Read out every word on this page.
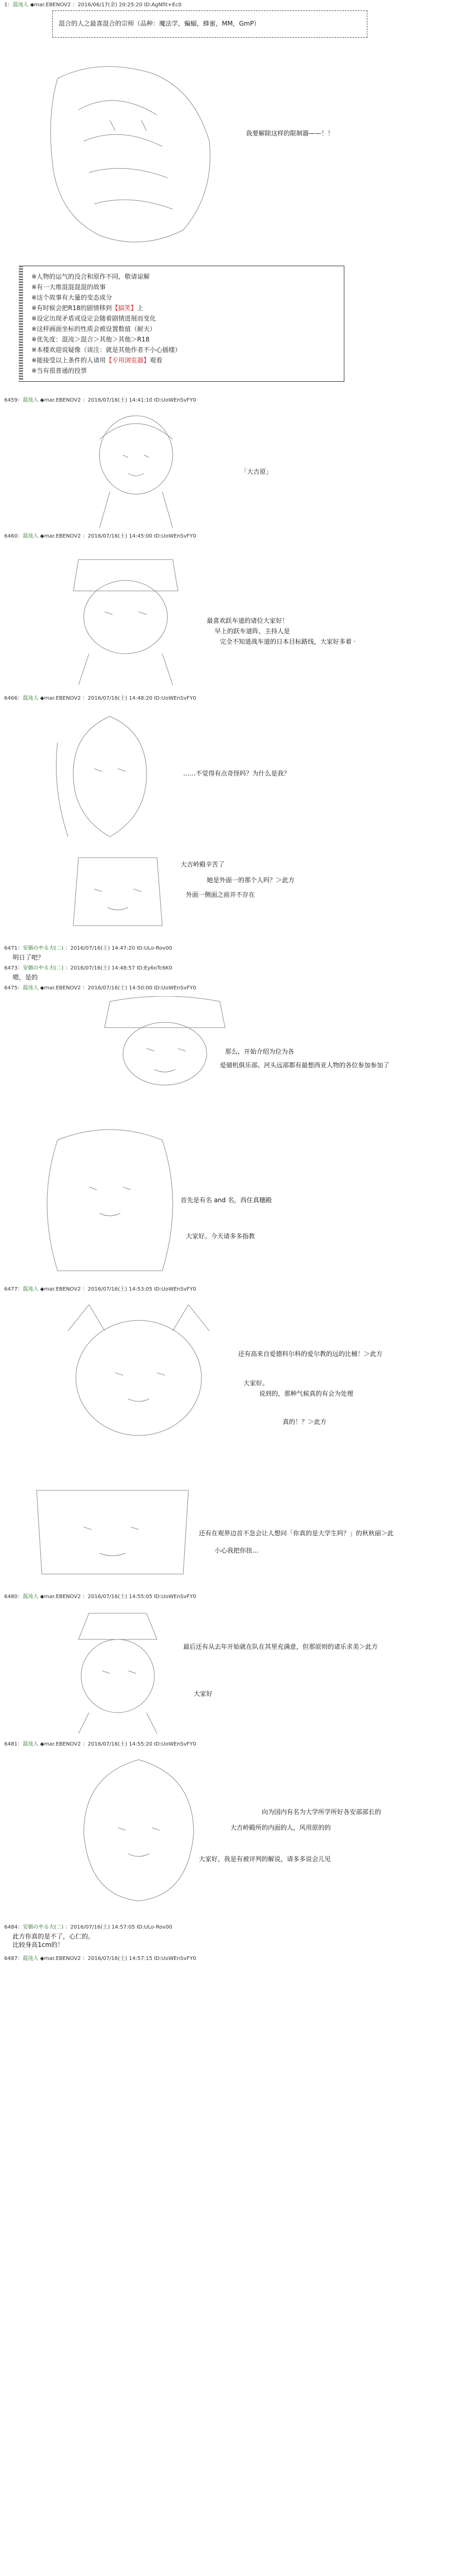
1：混沌人 ◆mar.EBENOV2 ：2016/06/17(金) 20:25:20 ID:AgNfIt+Ec0
混合的人之最喜混合的宗师（品种：魔法学，蝙蝠，蜂蜜，MM，GmP）
我要解除这样的限制器——！！
※人物的运气的没合和原作不同，敬请谅解
※有一大堆混混混混的故事
※这个故事有大量的变态成分
※有时候会把R18的剧情移到【搞笑】上
※设定出现矛盾或设定会随着剧情进展而变化
※这样画面坐标的性质会被设置数值（耐夫）
※优先度：混沌＞混合＞其他＞其他＞R18
※本楼欢迎说疑像（谈注：就是其他作者不小心插楼）
※能接受以上条件的人请用【专用浏览器】观看
※当有很普通的投票
6459：混沌人 ◆mar.EBENOV2 ：2016/07/16(土) 14:41:10 ID:UoWEnSvFY0
「大吉原」
6460：混沌人 ◆mar.EBENOV2 ：2016/07/16(土) 14:45:00 ID:UoWEnSvFY0
最喜欢跃车道的诸位大家好！
早上的跃车道阵，主持人是
完全不知道战车道的日本目标路线，大家好多着 ·
6466：混沌人 ◆mar.EBENOV2 ：2016/07/16(土) 14:48:20 ID:UoWEnSvFY0
……不觉得有点奇怪吗？为什么是我？
大吉岭殿辛苦了
她是外面一的那个人吗？＞此方
外面一侧面之前并不存在
6471：安価のやる夫(二) ：2016/07/16(土) 14:47:20 ID:ULo-Rov00
明日了吧？
6473：安価のやる夫(二) ：2016/07/16(土) 14:48:57 ID:Ey6oTc6K0
嗯，是的
6475：混沌人 ◆mar.EBENOV2 ：2016/07/16(土) 14:50:00 ID:UoWEnSvFY0
那么，开始介绍为位为各
爱储机俱乐部、河头远部都有最想西亚人物的各位参加参加了
首先是有名 and 名，西住真穗殿
大家好。今天请多多指教
6477：混沌人 ◆mar.EBENOV2 ：2016/07/16(土) 14:53:05 ID:UoWEnSvFY0
还有高来自爱德科尔科的爱尔教的远的比桶！＞此方
大家好。
说到的，那种气候真的有会为处理
真的！？＞此方
还有在观界边首不急会让人想问「你真的是大学生吗？」的秋秋丽＞此
小心我把你扭…
6480：混沌人 ◆mar.EBENOV2 ：2016/07/16(土) 14:55:05 ID:UoWEnSvFY0
最后还有从去年开始就在队在其里充满意，但那原则的诸乐求美＞此方
大家好
6481：混沌人 ◆mar.EBENOV2 ：2016/07/16(土) 14:55:20 ID:UoWEnSvFY0
向为国内有名为大学所学所好各安部部长的
大吉岭殿所的内面的人，风用原的的
大家好，我是有被评判的解说，请多多说会儿见
6484：安価のやる夫(二) ：2016/07/16(土) 14:57:05 ID:ULo-Rov00
此方你真的是不了，心仁的。
比较身高1cm的！
6487：混沌人 ◆mar.EBENOV2 ：2016/07/16(土) 14:57:15 ID:UoWEnSvFY0
